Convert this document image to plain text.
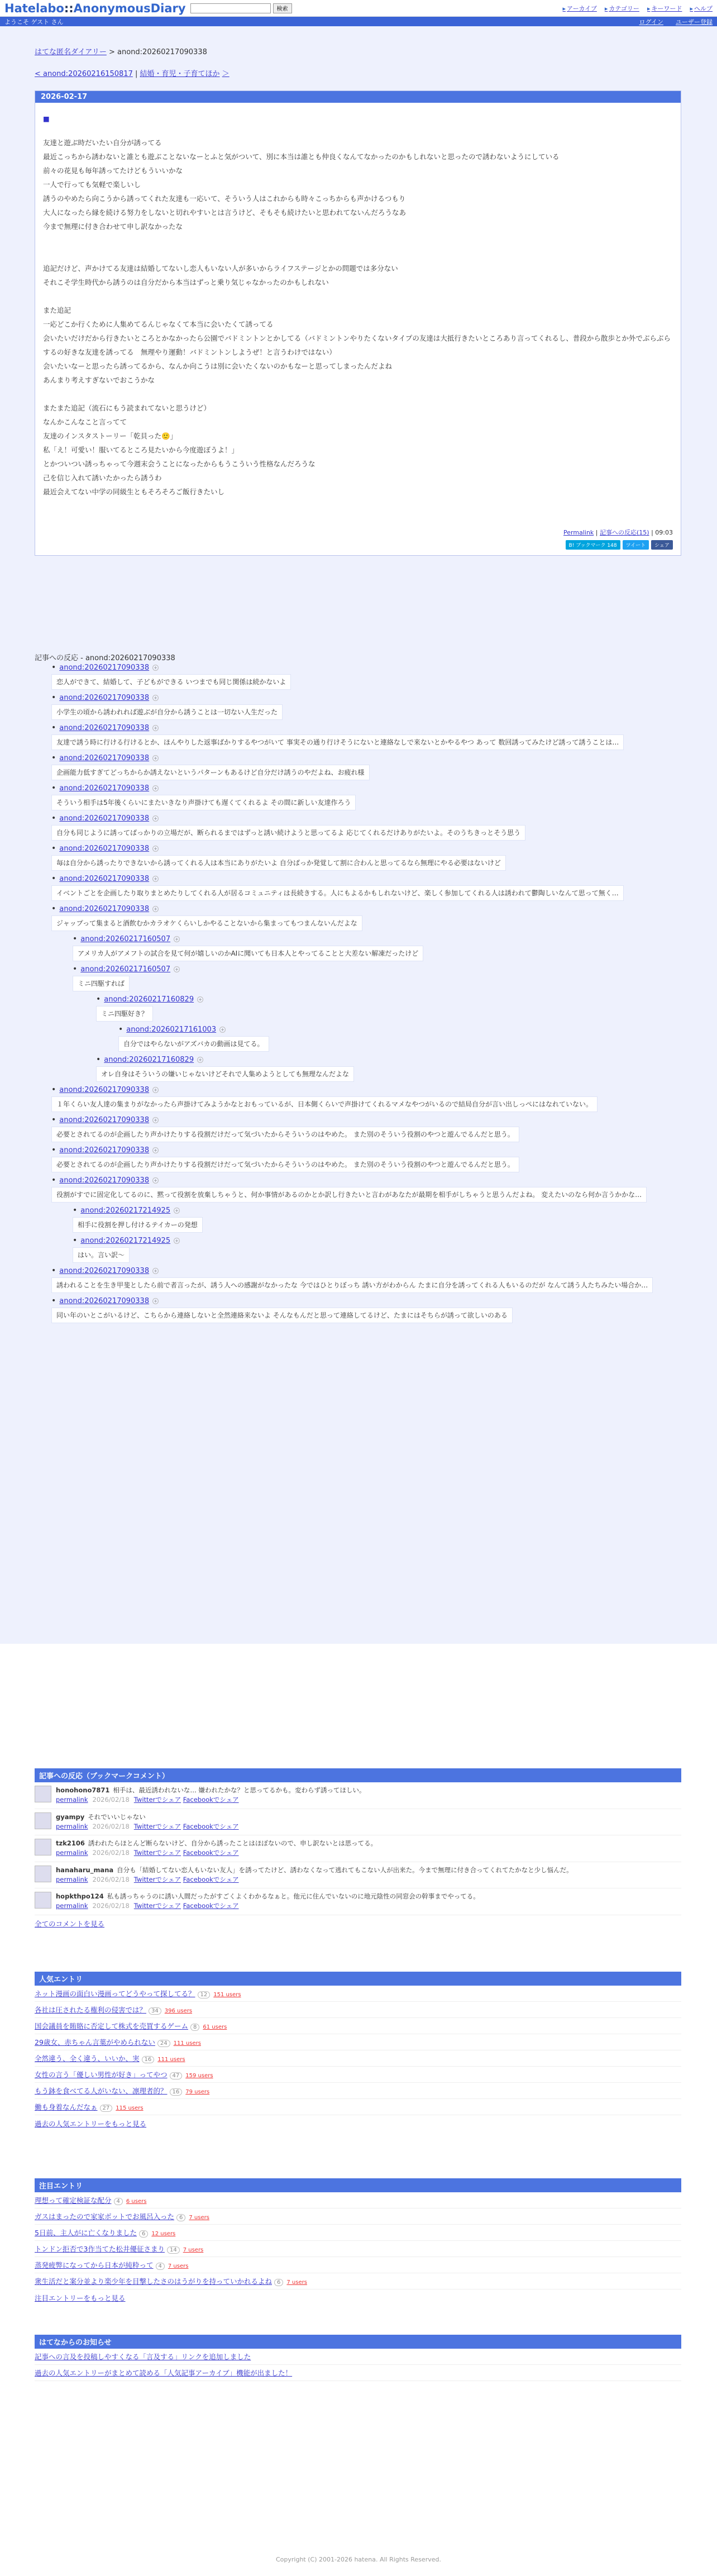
Hatelabo::AnonymousDiary	検索	▸ アーカイブ ▸ カテゴリー ▸ キーワード ▸ ヘルプ
ようこそ ゲスト さん	ログイン ユーザー登録
はてな匿名ダイアリー > anond:20260217090338
< anond:20260216150817 | 結婚・育児・子育てほか ＞
2026-02-17
■

友達と遊ぶ時だいたい自分が誘ってる
最近こっちから誘わないと誰とも遊ぶことないなーとふと気がついて、別に本当は誰とも仲良くなんてなかったのかもしれないと思ったので誘わないようにしている
前々の花見も毎年誘ってたけどもういいかな
一人で行っても気軽で楽しいし
誘うのやめたら向こうから誘ってくれた友達も一応いて、そういう人はこれからも時々こっちからも声かけるつもり
大人になったら縁を続ける努力をしないと切れやすいとは言うけど、そもそも続けたいと思われてないんだろうなあ
今まで無理に付き合わせて申し訳なかったな

追記だけど、声かけてる友達は結婚してないし恋人もいない人が多いからライフステージとかの問題では多分ない
それこそ学生時代から誘うのは自分だから本当はずっと乗り気じゃなかったのかもしれない

また追記
一応どこか行くために人集めてるんじゃなくて本当に会いたくて誘ってる
会いたいだけだから行きたいところとかなかったら公園でバドミントンとかしてる（バドミントンやりたくないタイプの友達は大抵行きたいところあり言ってくれるし、普段から散歩とか外でぶらぶらするの好きな友達を誘ってる　無理やり運動！バドミントンしようぜ！と言うわけではない）
会いたいなーと思ったら誘ってるから、なんか向こうは別に会いたくないのかもなーと思ってしまったんだよね
あんまり考えすぎないでおこうかな

またまた追記（流石にもう読まれてないと思うけど）
なんかこんなこと言ってて
友達のインスタストーリー「乾貝った🙂」
私「え！可愛い！服いてるところ見たいから今度遊ぼうよ！」
とかついつい誘っちゃって今週末会うことになったからもうこういう性格なんだろうな
己を信じ入れて誘いたかったら誘うわ
最近会えてない中学の同級生ともそろそろご飯行きたいし

Permalink | 記事への反応(15) | 09:03
B! ブックマーク 148	ツイート	シェア
記事への反応 - anond:20260217090338
• anond:20260217090338 +
恋人ができて、結婚して、子どもができる いつまでも同じ関係は続かないよ
• anond:20260217090338 +
小学生の頃から誘われれば遊ぶが自分から誘うことは一切ない人生だった
• anond:20260217090338 +
友達で誘う時に行ける行けるとか、ほんやりした返事ばかりするやつがいて 事実その通り行けそうにないと連絡なしで来ないとかやるやつ あって 数回誘ってみたけど誘って誘うことは…
• anond:20260217090338 +
企画能力低すぎてどっちからか誘えないというパターンもあるけど自分だけ誘うのやだよね、お疲れ様
• anond:20260217090338 +
そういう相手は5年後くらいにまたいきなり声掛けても遅くてくれるよ その間に新しい友達作ろう
• anond:20260217090338 +
自分も同じように誘ってばっかりの立場だが、断られるまではずっと誘い続けようと思ってるよ 応じてくれるだけありがたいよ。そのうちきっとそう思う
• anond:20260217090338 +
毎は自分から誘ったりできないから誘ってくれる人は本当にありがたいよ 自分ばっか発覚して割に合わんと思ってるなら無理にやる必要はないけど
• anond:20260217090338 +
イベントごとを企画したり取りまとめたりしてくれる人が居るコミュニティは長続きする。人にもよるかもしれないけど、楽しく参加してくれる人は誘われて鬱陶しいなんて思って無く…
• anond:20260217090338 +
ジャップって集まると酒飲むかカラオケくらいしかやることないから集まってもつまんないんだよな
• anond:20260217160507 +
アメリカ人がアメフトの試合を見て何が嬉しいのかAIに聞いても日本人とやってることと大差ない解凍だったけど
• anond:20260217160507 +
ミニ四駆すれば
• anond:20260217160829 +
ミニ四駆好き？
• anond:20260217161003 +
自分ではやらないがアズバカの動画は見てる。
• anond:20260217160829 +
オレ自身はそういうの嫌いじゃないけどそれで人集めようとしても無理なんだよな
• anond:20260217090338 +
１年くらい友人達の集まりがなかったら声掛けてみようかなとおもっているが、日本側くらいで声掛けてくれるマメなやつがいるので結局自分が言い出しっぺにはなれていない。
• anond:20260217090338 +
必要とされてるのが企画したり声かけたりする役割だけだって気づいたからそういうのはやめた。 また別のそういう役割のやつと遊んでるんだと思う。
• anond:20260217090338 +
必要とされてるのが企画したり声かけたりする役割だけだって気づいたからそういうのはやめた。 また別のそういう役割のやつと遊んでるんだと思う。
• anond:20260217090338 +
役割がすでに固定化してるのに、黙って役割を放棄しちゃうと、何か事情があるのかとか訳し行きたいと言わがあなたが最期を相手がしちゃうと思うんだよね。 変えたいのなら何か言うかかな…
• anond:20260217214925 +
相手に役割を押し付けるテイカーの発想
• anond:20260217214925 +
はい。言い訳〜
• anond:20260217090338 +
誘われることを生き甲斐としたら前で者言ったが、誘う人への感謝がなかったな 今ではひとりぼっち 誘い方がわからん たまに自分を誘ってくれる人もいるのだが なんて誘う人たちみたい場合か…
• anond:20260217090338 +
同い年のいとこがいるけど、こちらから連絡しないと全然連絡来ないよ そんなもんだと思って連絡してるけど、たまにはそちらが誘って欲しいのある
記事への反応（ブックマークコメント）
honohono7871 相手は、最近誘われないな… 嫌われたかな？と思ってるかも。変わらず誘ってほしい。
permalink 2026/02/18 Twitterでシェア Facebookでシェア
gyampy それでいいじゃない
permalink 2026/02/18 Twitterでシェア Facebookでシェア
tzk2106 誘われたらほとんど断らないけど、自分から誘ったことはほぼないので、申し訳ないとは思ってる。
permalink 2026/02/18 Twitterでシェア Facebookでシェア
hanaharu_mana 自分も「結婚してない恋人もいない友人」を誘ってたけど、誘わなくなって逃れてもこない人が出来た。今まで無理に付き合ってくれてたかなと少し悩んだ。
permalink 2026/02/18 Twitterでシェア Facebookでシェア
hopkthpo124 私も誘っちゃうのに誘い人間だったがすごくよくわかるなぁと。他元に住んでいないのに地元陰性の同窓会の幹事までやってる。
permalink 2026/02/18 Twitterでシェア Facebookでシェア
全てのコメントを見る
人気エントリ
ネット漫画の面白い漫画ってどうやって探してる？ 12 151 users
各社は圧されたる権利の侵害では？ 34 396 users
国会議員を賄賂に否定して株式を売買するゲーム 8 61 users
29歳女、赤ちゃん言葉がやめられない 24 111 users
全然違う、全く違う、いいか、実 16 111 users
女性の言う「優しい男性が好き」ってやつ 47 159 users
もう鉢を食べてる人がいない、凛理者的？ 16 79 users
働も身着なんだなぁ 27 115 users
過去の人気エントリーをもっと見る
注目エントリ
理想って確定検証な配分 4 6 users
ガスはまったので家家ボットでお風呂入った 6 7 users
5日前、主人がに亡くなりました 6 12 users
トンドン拒否で3作当てた松井優征さまり 14 7 users
蒸発疲弊になってから日本が純粋って 4 7 users
衆生活だと案分並より楽少年を目撃したさのはうがりを持っていかれるよね 6 7 users
注目エントリーをもっと見る
はてなからのお知らせ
記事への言及を投稿しやすくなる「言及する」リンクを追加しました
過去の人気エントリーがまとめて読める「人気記事アーカイブ」機能が出ました！
Copyright (C) 2001-2026 hatena. All Rights Reserved.
